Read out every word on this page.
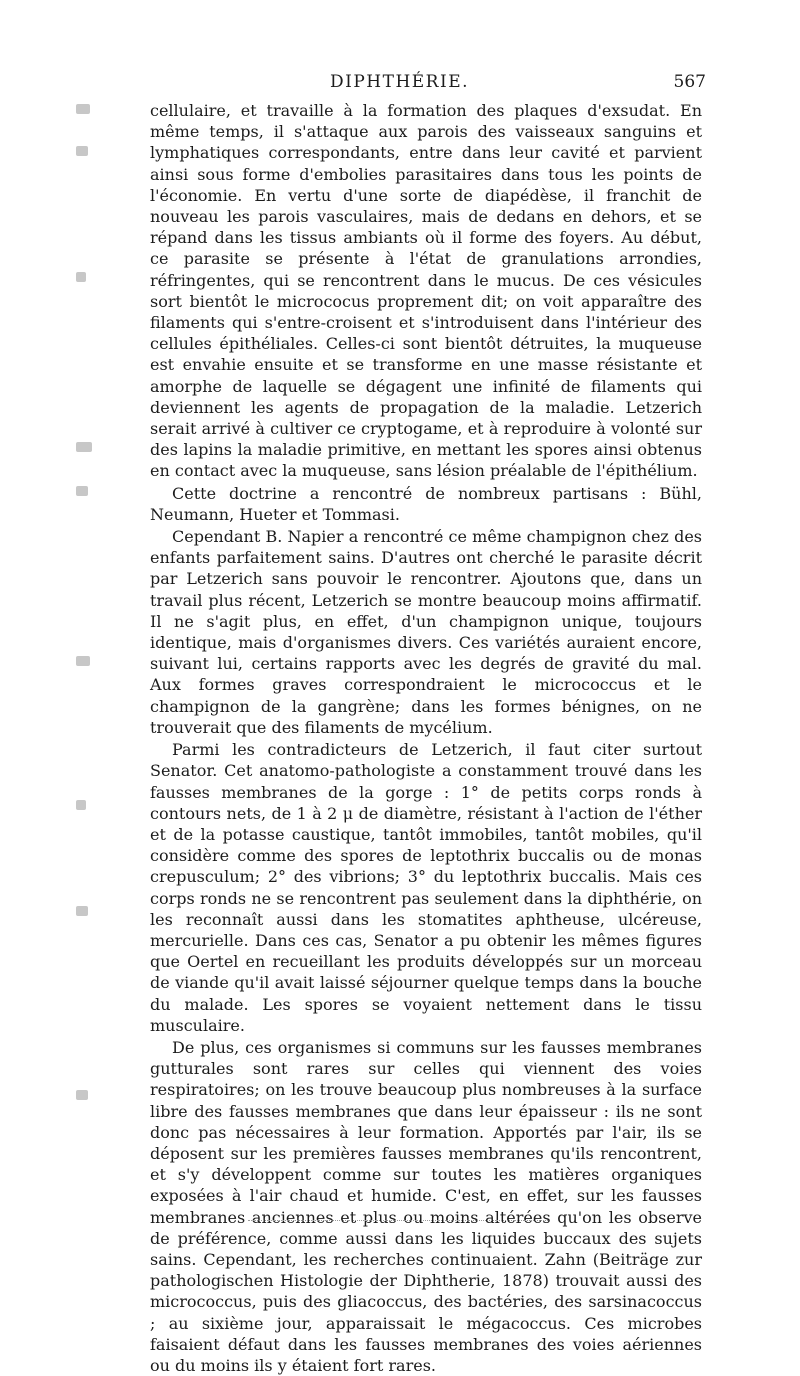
DIPHTHÉRIE.	567

cellulaire, et travaille à la formation des plaques d'exsudat. En même temps, il s'attaque aux parois des vaisseaux sanguins et lymphatiques correspondants, entre dans leur cavité et parvient ainsi sous forme d'embolies parasitaires dans tous les points de l'économie. En vertu d'une sorte de diapédèse, il franchit de nouveau les parois vasculaires, mais de dedans en dehors, et se répand dans les tissus ambiants où il forme des foyers. Au début, ce parasite se présente à l'état de granulations arrondies, réfringentes, qui se rencontrent dans le mucus. De ces vésicules sort bientôt le micrococus proprement dit; on voit apparaître des filaments qui s'entre-croisent et s'introduisent dans l'intérieur des cellules épithéliales. Celles-ci sont bientôt détruites, la muqueuse est envahie ensuite et se transforme en une masse résistante et amorphe de laquelle se dégagent une infinité de filaments qui deviennent les agents de propagation de la maladie. Letzerich serait arrivé à cultiver ce cryptogame, et à reproduire à volonté sur des lapins la maladie primitive, en mettant les spores ainsi obtenus en contact avec la muqueuse, sans lésion préalable de l'épithélium.

Cette doctrine a rencontré de nombreux partisans : Bühl, Neumann, Hueter et Tommasi.

Cependant B. Napier a rencontré ce même champignon chez des enfants parfaitement sains. D'autres ont cherché le parasite décrit par Letzerich sans pouvoir le rencontrer. Ajoutons que, dans un travail plus récent, Letzerich se montre beaucoup moins affirmatif. Il ne s'agit plus, en effet, d'un champignon unique, toujours identique, mais d'organismes divers. Ces variétés auraient encore, suivant lui, certains rapports avec les degrés de gravité du mal. Aux formes graves correspondraient le micrococcus et le champignon de la gangrène; dans les formes bénignes, on ne trouverait que des filaments de mycélium.

Parmi les contradicteurs de Letzerich, il faut citer surtout Senator. Cet anatomo-pathologiste a constamment trouvé dans les fausses membranes de la gorge : 1° de petits corps ronds à contours nets, de 1 à 2 μ de diamètre, résistant à l'action de l'éther et de la potasse caustique, tantôt immobiles, tantôt mobiles, qu'il considère comme des spores de leptothrix buccalis ou de monas crepusculum; 2° des vibrions; 3° du leptothrix buccalis. Mais ces corps ronds ne se rencontrent pas seulement dans la diphthérie, on les reconnaît aussi dans les stomatites aphtheuse, ulcéreuse, mercurielle. Dans ces cas, Senator a pu obtenir les mêmes figures que Oertel en recueillant les produits développés sur un morceau de viande qu'il avait laissé séjourner quelque temps dans la bouche du malade. Les spores se voyaient nettement dans le tissu musculaire.

De plus, ces organismes si communs sur les fausses membranes gutturales sont rares sur celles qui viennent des voies respiratoires; on les trouve beaucoup plus nombreuses à la surface libre des fausses membranes que dans leur épaisseur : ils ne sont donc pas nécessaires à leur formation. Apportés par l'air, ils se déposent sur les premières fausses membranes qu'ils rencontrent, et s'y développent comme sur toutes les matières organiques exposées à l'air chaud et humide. C'est, en effet, sur les fausses membranes anciennes et plus ou moins altérées qu'on les observe de préférence, comme aussi dans les liquides buccaux des sujets sains. Cependant, les recherches continuaient. Zahn (Beiträge zur pathologischen Histologie der Diphtherie, 1878) trouvait aussi des micrococcus, puis des gliacoccus, des bactéries, des sarsinacoccus ; au sixième jour, apparaissait le mégacoccus. Ces microbes faisaient défaut dans les fausses membranes des voies aériennes ou du moins ils y étaient fort rares.
